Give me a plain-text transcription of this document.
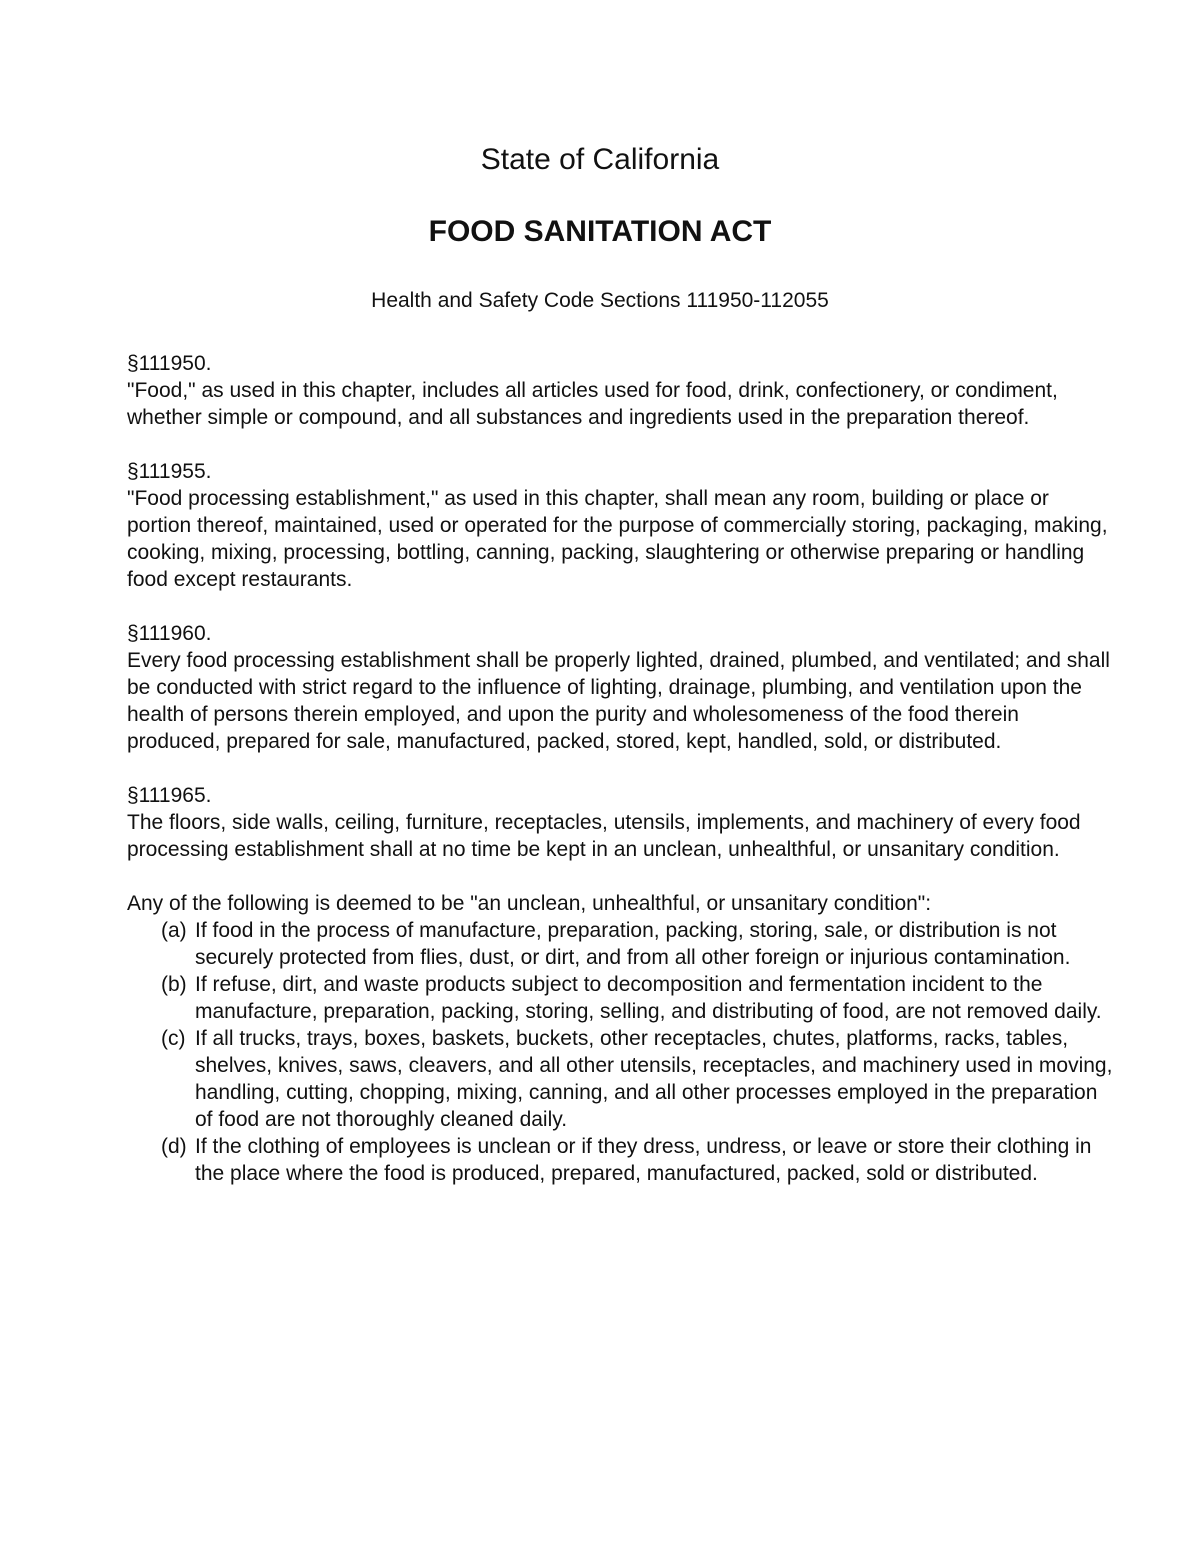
State of California
FOOD SANITATION ACT
Health and Safety Code Sections 111950-112055
§111950.
"Food," as used in this chapter, includes all articles used for food, drink, confectionery, or condiment, whether simple or compound, and all substances and ingredients used in the preparation thereof.
§111955.
"Food processing establishment," as used in this chapter, shall mean any room, building or place or portion thereof, maintained, used or operated for the purpose of commercially storing, packaging, making, cooking, mixing, processing, bottling, canning, packing, slaughtering or otherwise preparing or handling food except restaurants.
§111960.
Every food processing establishment shall be properly lighted, drained, plumbed, and ventilated; and shall be conducted with strict regard to the influence of lighting, drainage, plumbing, and ventilation upon the health of persons therein employed, and upon the purity and wholesomeness of the food therein produced, prepared for sale, manufactured, packed, stored, kept, handled, sold, or distributed.
§111965.
The floors, side walls, ceiling, furniture, receptacles, utensils, implements, and machinery of every food processing establishment shall at no time be kept in an unclean, unhealthful, or unsanitary condition.

Any of the following is deemed to be "an unclean, unhealthful, or unsanitary condition":

(a) If food in the process of manufacture, preparation, packing, storing, sale, or distribution is not securely protected from flies, dust, or dirt, and from all other foreign or injurious contamination.
(b) If refuse, dirt, and waste products subject to decomposition and fermentation incident to the manufacture, preparation, packing, storing, selling, and distributing of food, are not removed daily.
(c) If all trucks, trays, boxes, baskets, buckets, other receptacles, chutes, platforms, racks, tables, shelves, knives, saws, cleavers, and all other utensils, receptacles, and machinery used in moving, handling, cutting, chopping, mixing, canning, and all other processes employed in the preparation of food are not thoroughly cleaned daily.
(d) If the clothing of employees is unclean or if they dress, undress, or leave or store their clothing in the place where the food is produced, prepared, manufactured, packed, sold or distributed.
